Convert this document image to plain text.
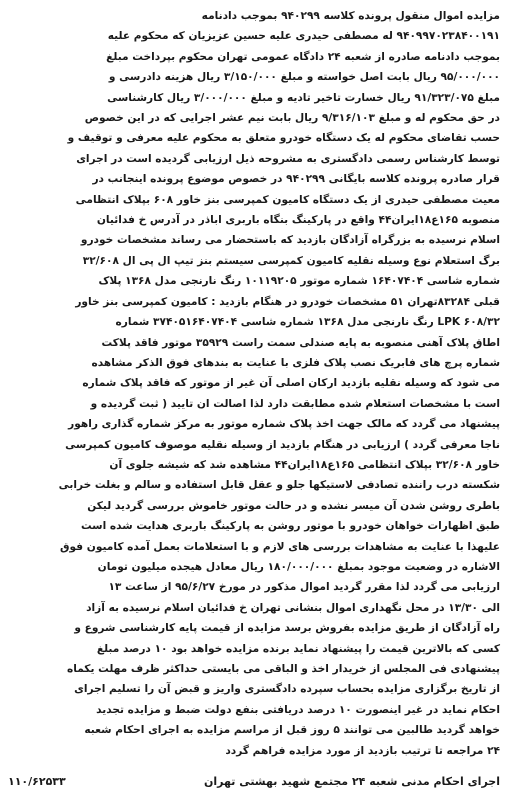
مزایده اموال منقول پرونده کلاسه ۹۴۰۲۹۹ بموجب دادنامه
۹۴۰۹۹۷۰۲۳۸۴۰۰۱۹۱ له مصطفی حیدری علیه حسین عزیزیان که محکوم علیه
بموجب دادنامه صادره از شعبه ۲۴ دادگاه عمومی تهران محکوم بپرداخت مبلغ
۹۵/۰۰۰/۰۰۰ ریال بابت اصل خواسته و مبلغ ۳/۱۵۰/۰۰۰ ریال هزینه دادرسی و
مبلغ ۹۱/۳۲۳/۰۷۵ ریال خسارت تاخیر تادیه و مبلغ ۳/۰۰۰/۰۰۰ ریال کارشناسی
در حق محکوم له و مبلغ ۹/۳۱۶/۱۰۳ ریال بابت نیم عشر اجرایی که در این خصوص
حسب تقاضای محکوم له یک دستگاه خودرو متعلق به محکوم علیه معرفی و توقیف و
توسط کارشناس رسمی دادگستری به مشروحه ذیل ارزیابی گردیده است در اجرای
قرار صادره پرونده کلاسه بایگانی ۹۴۰۲۹۹ در خصوص موضوع پرونده اینجانب در
معیت مصطفی حیدری از یک دستگاه کامیون کمپرسی بنز خاور ۶۰۸ بپلاک انتظامی
منصوبه ۱۶۵ع۱۸ایران۴۴ واقع در پارکینگ بنگاه باربری اباذر در آدرس خ فدائیان
اسلام نرسیده به بزرگراه آزادگان بازدید که باستحضار می رساند مشخصات خودرو
برگ استعلام نوع وسیله نقلیه کامیون کمپرسی سیستم بنز تیپ ال پی ال ۳۲/۶۰۸
شماره شاسی ۱۶۴۰۷۴۰۴ شماره موتور ۱۰۱۱۹۲۰۵ رنگ نارنجی مدل ۱۳۶۸ پلاک
قبلی ۸۳۲۸۴تهران ۵۱ مشخصات خودرو در هنگام بازدید : کامیون کمپرسی بنز خاور
LPK ۶۰۸/۳۲ رنگ نارنجی مدل ۱۳۶۸ شماره شاسی ۳۷۴۰۵۱۶۴۰۷۴۰۴ شماره
اطاق پلاک آهنی منصوبه به پایه صندلی سمت راست ۳۵۹۲۹ موتور فاقد پلاکت
شماره پرچ های فابریک نصب پلاک فلزی با عنایت به بندهای فوق الذکر مشاهده
می شود که وسیله نقلیه بازدید ارکان اصلی آن غیر از موتور که فاقد پلاک شماره
است با مشخصات استعلام شده مطابقت دارد لذا اصالت ان تایید ( ثبت گردیده و
پیشنهاد می گردد که مالک جهت اخذ پلاک شماره موتور به مرکز شماره گذاری راهور
ناجا معرفی گردد ) ارزیابی در هنگام بازدید از وسیله نقلیه موصوف کامیون کمپرسی
خاور ۳۲/۶۰۸ بپلاک انتظامی ۱۶۵ع۱۸ایران۴۴ مشاهده شد که شیشه جلوی آن
شکسته درب راننده تصادفی لاستیکها جلو و عقل قابل استفاده و سالم و بغلت خرابی
باطری روشن شدن آن میسر نشده و در حالت موتور خاموش بررسی گردید لیکن
طبق اظهارات خواهان خودرو با موتور روشن به پارکینگ باربری هدایت شده است
علیهذا با عنایت به مشاهدات بررسی های لازم و با استعلامات بعمل آمده کامیون فوق
الاشاره در وضعیت موجود بمبلغ ۱۸۰/۰۰۰/۰۰۰ ریال معادل هیجده میلیون تومان
ارزیابی می گردد لذا مقرر گردید اموال مذکور در مورخ ۹۵/۶/۲۷ از ساعت ۱۳
الی ۱۳/۳۰ در محل نگهداری اموال بنشانی تهران خ فدائیان اسلام نرسیده به آزاد
راه آزادگان از طریق مزایده بفروش برسد مزایده از قیمت پایه کارشناسی شروع و
کسی که بالاترین قیمت را پیشنهاد نماید برنده مزایده خواهد بود ۱۰ درصد مبلغ
پیشنهادی فی المجلس از خریدار اخذ و الباقی می بایستی حداکثر ظرف مهلت یکماه
از تاریخ برگزاری مزایده بحساب سپرده دادگستری واریز و قبض آن را تسلیم اجرای
احکام نماید در غیر اینصورت ۱۰ درصد دریافتی بنفع دولت ضبط و مزایده تجدید
خواهد گردید طالبین می توانند ۵ روز قبل از مراسم مزایده به اجرای احکام شعبه
۲۴ مراجعه تا ترتیب بازدید از مورد مزایده فراهم گردد

اجرای احکام مدنی شعبه ۲۴ مجتمع شهید بهشتی تهران
۱۱۰/۶۲۵۳۳
